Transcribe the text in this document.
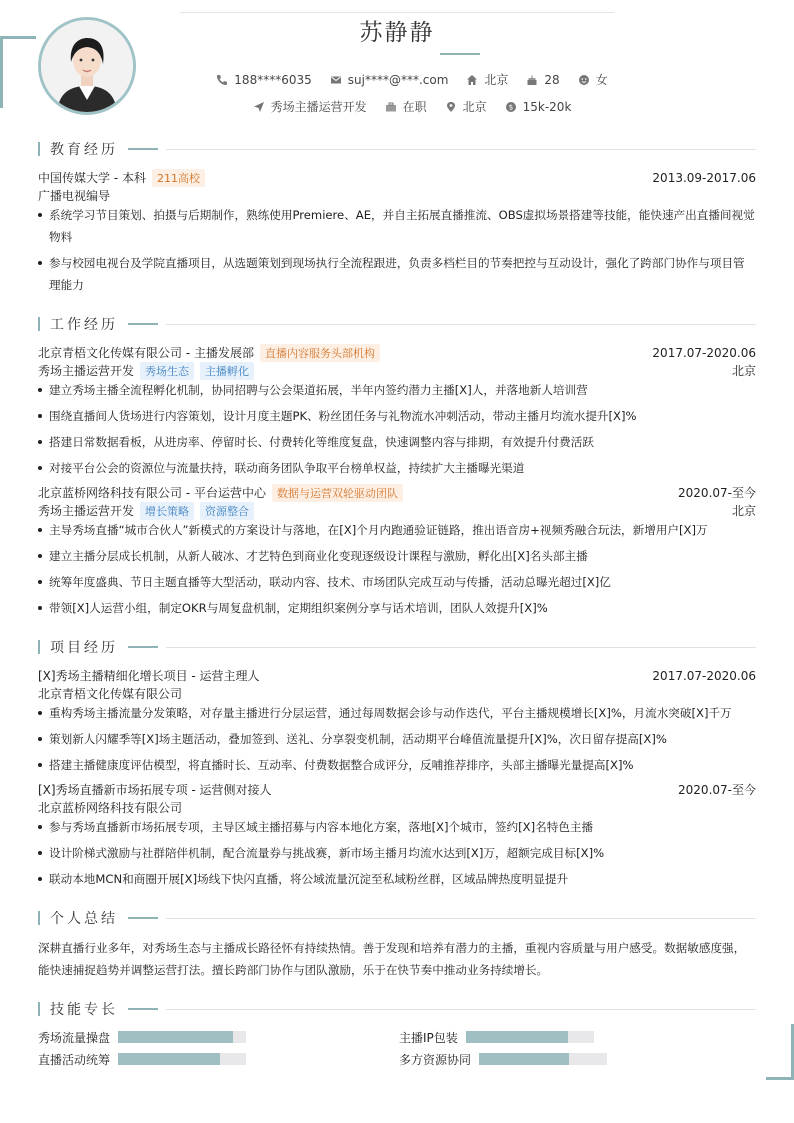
苏静静
188****6035	suj****@***.com	北京	28	女
秀场主播运营开发	在职	北京	$ 15k-20k
教育经历
中国传媒大学 - 本科	211高校	2013.09-2017.06
广播电视编导
系统学习节目策划、拍摄与后期制作，熟练使用Premiere、AE，并自主拓展直播推流、OBS虚拟场景搭建等技能，能快速产出直播间视觉物料
参与校园电视台及学院直播项目，从选题策划到现场执行全流程跟进，负责多档栏目的节奏把控与互动设计，强化了跨部门协作与项目管理能力
工作经历
北京青梧文化传媒有限公司 - 主播发展部	直播内容服务头部机构	2017.07-2020.06
秀场主播运营开发	秀场生态	主播孵化	北京
建立秀场主播全流程孵化机制，协同招聘与公会渠道拓展，半年内签约潜力主播[X]人，并落地新人培训营
围绕直播间人货场进行内容策划，设计月度主题PK、粉丝团任务与礼物流水冲刺活动，带动主播月均流水提升[X]%
搭建日常数据看板，从进房率、停留时长、付费转化等维度复盘，快速调整内容与排期，有效提升付费活跃
对接平台公会的资源位与流量扶持，联动商务团队争取平台榜单权益，持续扩大主播曝光渠道
北京蓝桥网络科技有限公司 - 平台运营中心	数据与运营双轮驱动团队	2020.07-至今
秀场主播运营开发	增长策略	资源整合	北京
主导秀场直播“城市合伙人”新模式的方案设计与落地，在[X]个月内跑通验证链路，推出语音房+视频秀融合玩法，新增用户[X]万
建立主播分层成长机制，从新人破冰、才艺特色到商业化变现逐级设计课程与激励，孵化出[X]名头部主播
统筹年度盛典、节日主题直播等大型活动，联动内容、技术、市场团队完成互动与传播，活动总曝光超过[X]亿
带领[X]人运营小组，制定OKR与周复盘机制，定期组织案例分享与话术培训，团队人效提升[X]%
项目经历
[X]秀场主播精细化增长项目 - 运营主理人	2017.07-2020.06
北京青梧文化传媒有限公司
重构秀场主播流量分发策略，对存量主播进行分层运营，通过每周数据会诊与动作迭代，平台主播规模增长[X]%，月流水突破[X]千万
策划新人闪耀季等[X]场主题活动，叠加签到、送礼、分享裂变机制，活动期平台峰值流量提升[X]%，次日留存提高[X]%
搭建主播健康度评估模型，将直播时长、互动率、付费数据整合成评分，反哺推荐排序，头部主播曝光量提高[X]%
[X]秀场直播新市场拓展专项 - 运营侧对接人	2020.07-至今
北京蓝桥网络科技有限公司
参与秀场直播新市场拓展专项，主导区域主播招募与内容本地化方案，落地[X]个城市，签约[X]名特色主播
设计阶梯式激励与社群陪伴机制，配合流量券与挑战赛，新市场主播月均流水达到[X]万，超额完成目标[X]%
联动本地MCN和商圈开展[X]场线下快闪直播，将公域流量沉淀至私域粉丝群，区域品牌热度明显提升
个人总结
深耕直播行业多年，对秀场生态与主播成长路径怀有持续热情。善于发现和培养有潜力的主播，重视内容质量与用户感受。数据敏感度强，能快速捕捉趋势并调整运营打法。擅长跨部门协作与团队激励，乐于在快节奏中推动业务持续增长。
技能专长
秀场流量操盘	主播IP包装
直播活动统筹	多方资源协同
